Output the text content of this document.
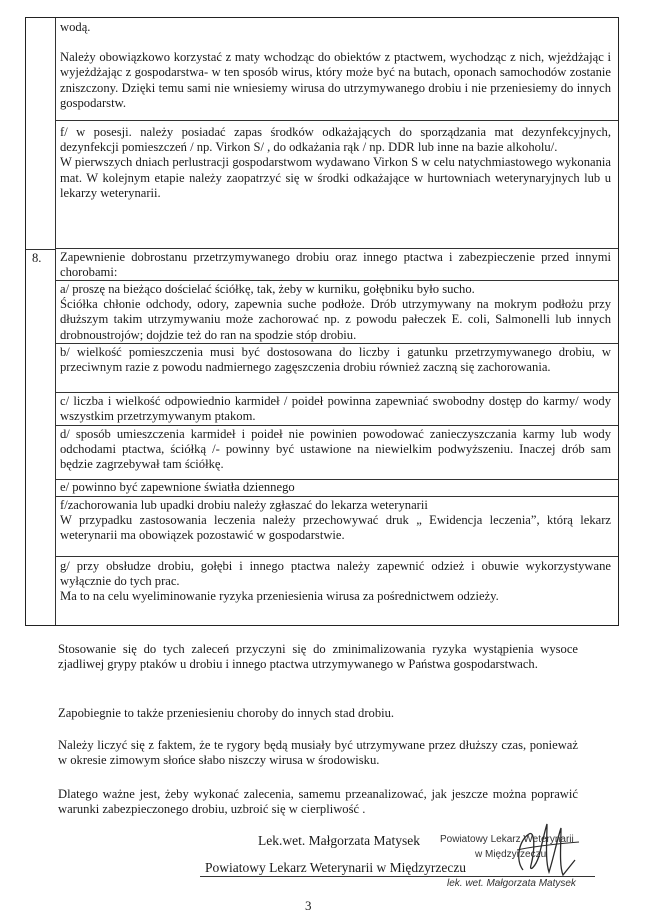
wodą.

Należy obowiązkowo korzystać z maty wchodząc do obiektów z ptactwem, wychodząc z nich, wjeżdżając i wyjeżdżając z gospodarstwa- w ten sposób wirus, który może być na butach, oponach samochodów zostanie zniszczony. Dzięki temu sami nie wniesiemy wirusa do utrzymywanego drobiu i nie przeniesiemy do innych gospodarstw.

f/ w posesji. należy posiadać zapas środków odkażających do sporządzania mat dezynfekcyjnych, dezynfekcji pomieszczeń / np. Virkon S/ , do odkażania rąk / np. DDR lub inne na bazie alkoholu/.

W pierwszych dniach perlustracji gospodarstwom wydawano Virkon S w celu natychmiastowego wykonania mat. W kolejnym etapie należy zaopatrzyć się w środki odkażające w hurtowniach weterynaryjnych lub u lekarzy weterynarii.

8. Zapewnienie dobrostanu przetrzymywanego drobiu oraz innego ptactwa i zabezpieczenie przed innymi chorobami:

a/ proszę na bieżąco dościelać ściółkę, tak, żeby w kurniku, gołębniku było sucho.

Ściółka chłonie odchody, odory, zapewnia suche podłoże. Drób utrzymywany na mokrym podłożu przy dłuższym takim utrzymywaniu może zachorować np. z powodu pałeczek E. coli, Salmonelli lub innych drobnoustrojów; dojdzie też do ran na spodzie stóp drobiu.

b/ wielkość pomieszczenia musi być dostosowana do liczby i gatunku przetrzymywanego drobiu, w przeciwnym razie z powodu nadmiernego zagęszczenia drobiu również zaczną się zachorowania.

c/ liczba i wielkość odpowiednio karmideł / poideł powinna zapewniać swobodny dostęp do karmy/ wody wszystkim przetrzymywanym ptakom.

d/ sposób umieszczenia karmideł i poideł nie powinien powodować zanieczyszczania karmy lub wody odchodami ptactwa, ściółką /- powinny być ustawione na niewielkim podwyższeniu. Inaczej drób sam będzie zagrzebywał tam ściółkę.

e/ powinno być zapewnione światła dziennego

f/zachorowania lub upadki drobiu należy zgłaszać do lekarza weterynarii

W przypadku zastosowania leczenia należy przechowywać druk „ Ewidencja leczenia”, którą lekarz weterynarii ma obowiązek pozostawić w gospodarstwie.

g/ przy obsłudze drobiu, gołębi i innego ptactwa należy zapewnić odzież i obuwie wykorzystywane wyłącznie do tych prac.

Ma to na celu wyeliminowanie ryzyka przeniesienia wirusa za pośrednictwem odzieży.

Stosowanie się do tych zaleceń przyczyni się do zminimalizowania ryzyka wystąpienia wysoce zjadliwej grypy ptaków u drobiu i innego ptactwa utrzymywanego w Państwa gospodarstwach.

Zapobiegnie to także przeniesieniu choroby do innych stad drobiu.

Należy liczyć się z faktem, że te rygory będą musiały być utrzymywane przez dłuższy czas, ponieważ w okresie zimowym słońce słabo niszczy wirusa w środowisku.

Dlatego ważne jest, żeby wykonać zalecenia, samemu przeanalizować, jak jeszcze można poprawić warunki zabezpieczonego drobiu, uzbroić się w cierpliwość .

Lek.wet. Małgorzata Matysek Powiatowy Lekarz Weterynarii
w Międzyrzeczu
Powiatowy Lekarz Weterynarii w Międzyrzeczu
lek. wet. Małgorzata Matysek
3
